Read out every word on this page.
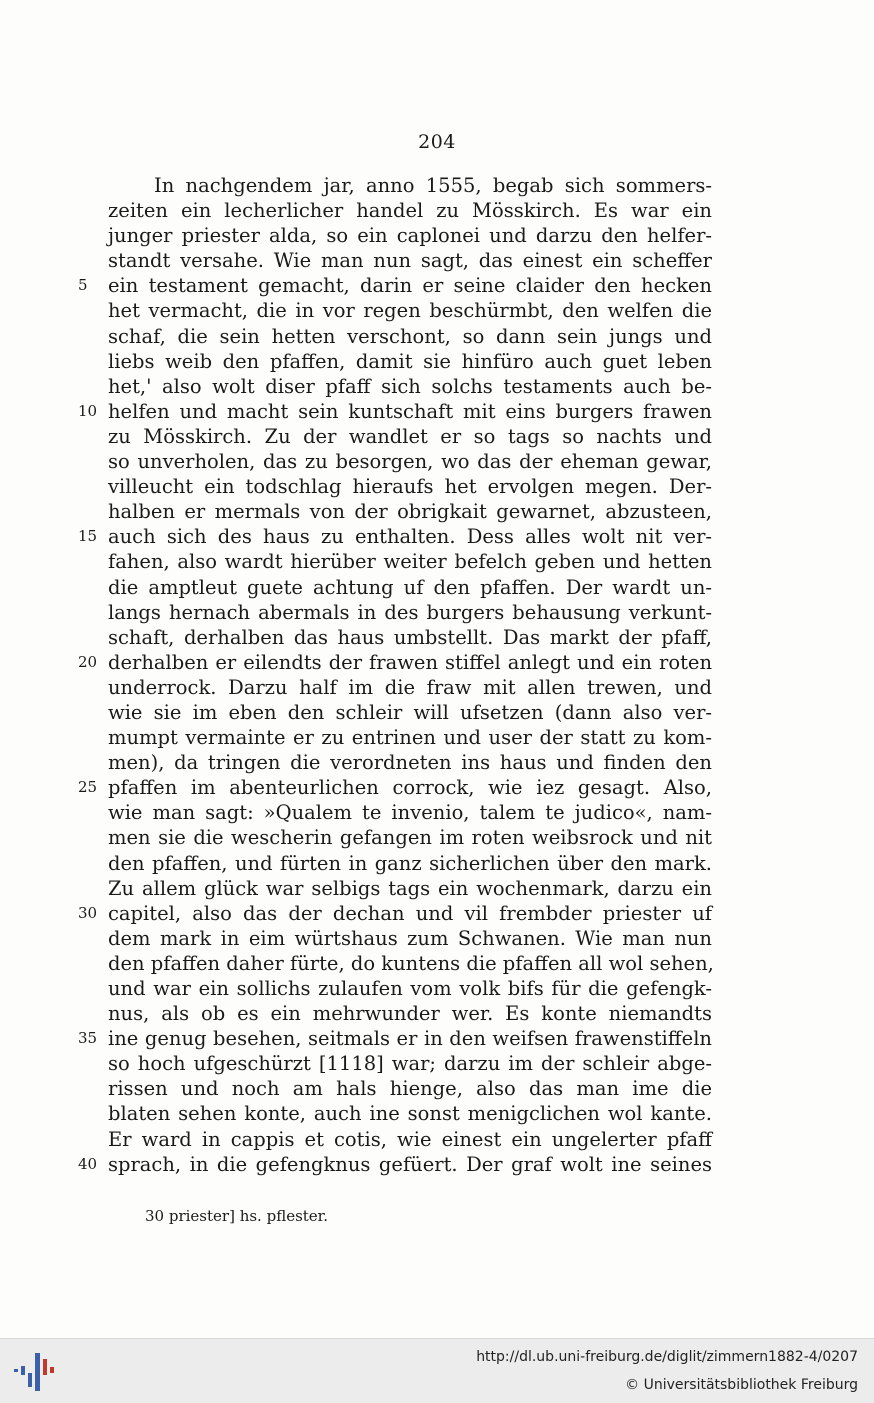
204
In nachgendem jar, anno 1555, begab sich sommers-
zeiten ein lecherlicher handel zu Mösskirch. Es war ein
junger priester alda, so ein caplonei und darzu den helfer-
standt versahe. Wie man nun sagt, das einest ein scheffer
5	ein testament gemacht, darin er seine claider den hecken
het vermacht, die in vor regen beschürmbt, den welfen die
schaf, die sein hetten verschont, so dann sein jungs und
liebs weib den pfaffen, damit sie hinfüro auch guet leben
het,' also wolt diser pfaff sich solchs testaments auch be-
10 helfen und macht sein kuntschaft mit eins burgers frawen
zu Mösskirch. Zu der wandlet er so tags so nachts und
so unverholen, das zu besorgen, wo das der eheman gewar,
villeucht ein todschlag hieraufs het ervolgen megen. Der-
halben er mermals von der obrigkait gewarnet, abzusteen,
15 auch sich des haus zu enthalten. Dess alles wolt nit ver-
fahen, also wardt hierüber weiter befelch geben und hetten
die amptleut guete achtung uf den pfaffen. Der wardt un-
langs hernach abermals in des burgers behausung verkunt-
schaft, derhalben das haus umbstellt. Das markt der pfaff,
20 derhalben er eilendts der frawen stiffel anlegt und ein roten
underrock. Darzu half im die fraw mit allen trewen, und
wie sie im eben den schleir will ufsetzen (dann also ver-
mumpt vermainte er zu entrinen und user der statt zu kom-
men), da tringen die verordneten ins haus und finden den
25 pfaffen im abenteurlichen corrock, wie iez gesagt. Also,
wie man sagt: »Qualem te invenio, talem te judico«, nam-
men sie die wescherin gefangen im roten weibsrock und nit
den pfaffen, und fürten in ganz sicherlichen über den mark.
Zu allem glück war selbigs tags ein wochenmark, darzu ein
30 capitel, also das der dechan und vil frembder priester uf
dem mark in eim würtshaus zum Schwanen. Wie man nun
den pfaffen daher fürte, do kuntens die pfaffen all wol sehen,
und war ein sollichs zulaufen vom volk bifs für die gefengk-
nus, als ob es ein mehrwunder wer. Es konte niemandts
35 ine genug besehen, seitmals er in den weifsen frawenstiffeln
so hoch ufgeschürzt [1118] war; darzu im der schleir abge-
rissen und noch am hals hienge, also das man ime die
blaten sehen konte, auch ine sonst menigclichen wol kante.
Er ward in cappis et cotis, wie einest ein ungelerter pfaff
40 sprach, in die gefengknus gefüert. Der graf wolt ine seines
30 priester] hs. pflester.
http://dl.ub.uni-freiburg.de/diglit/zimmern1882-4/0207
© Universitätsbibliothek Freiburg
